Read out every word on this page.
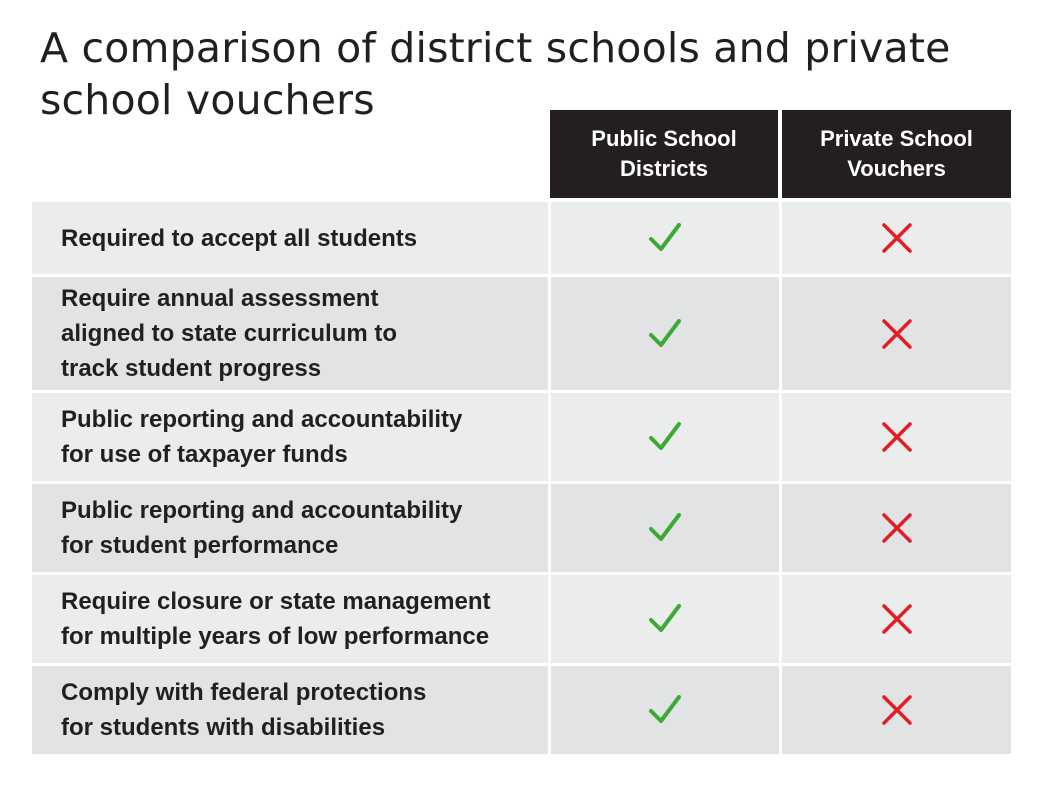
A comparison of district schools and private school vouchers
Public School Districts
Private School Vouchers
Required to accept all students
Require annual assessment aligned to state curriculum to track student progress
Public reporting and accountability for use of taxpayer funds
Public reporting and accountability for student performance
Require closure or state management for multiple years of low performance
Comply with federal protections for students with disabilities
